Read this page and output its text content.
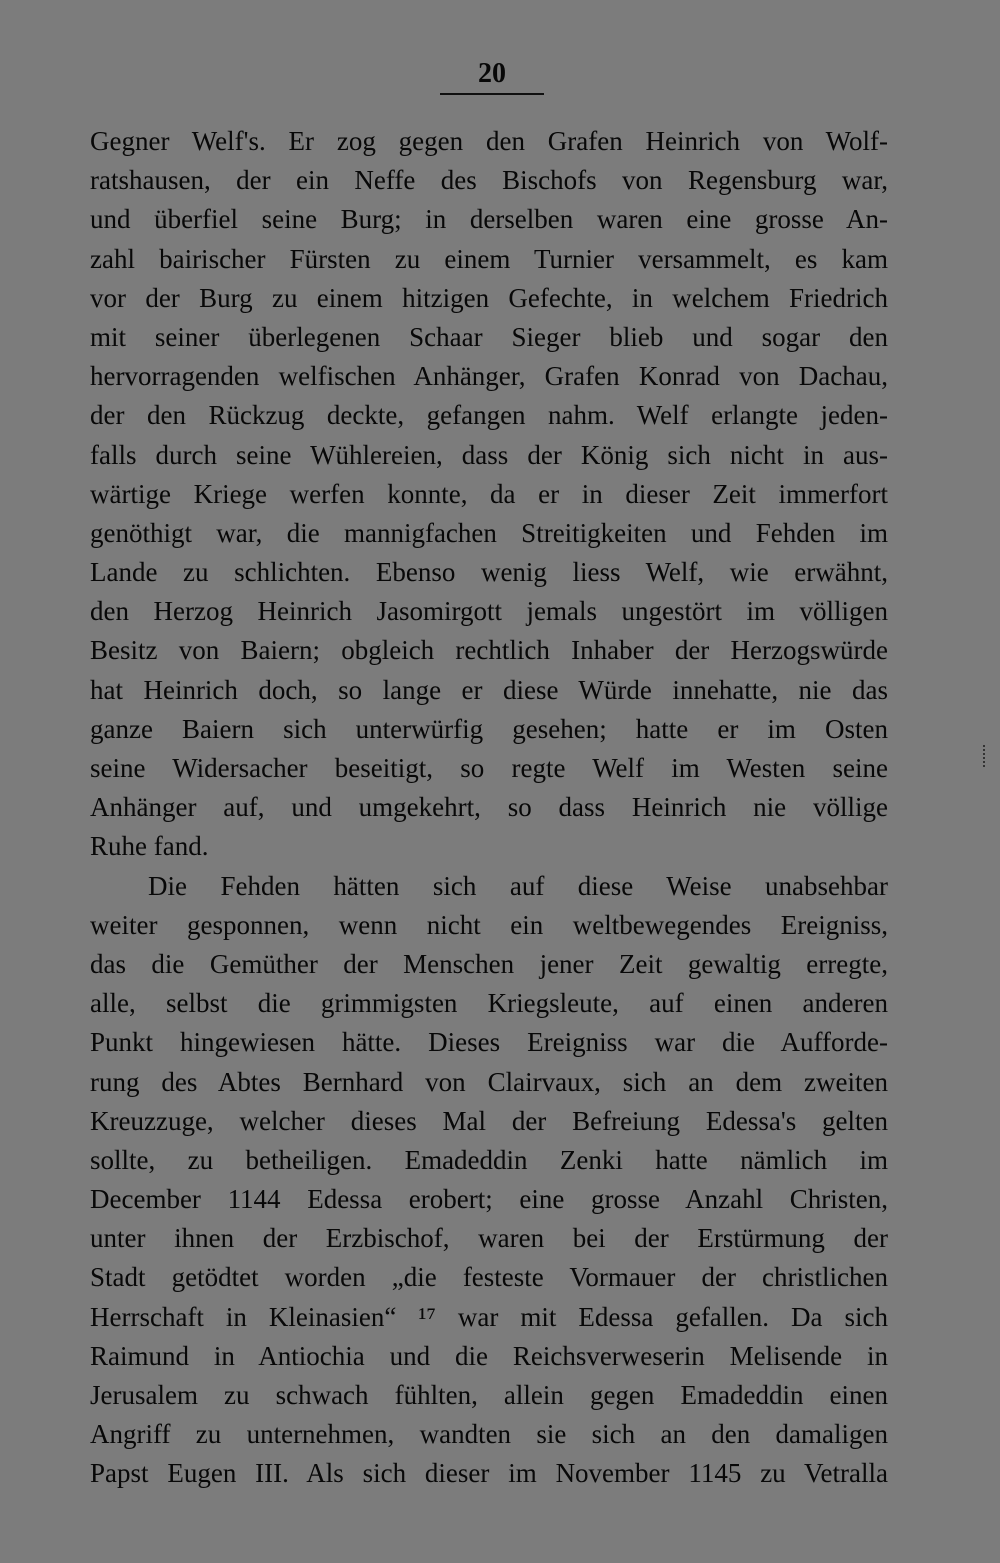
20
Gegner Welf's. Er zog gegen den Grafen Heinrich von Wolf-
ratshausen, der ein Neffe des Bischofs von Regensburg war,
und überfiel seine Burg; in derselben waren eine grosse An-
zahl bairischer Fürsten zu einem Turnier versammelt, es kam
vor der Burg zu einem hitzigen Gefechte, in welchem Friedrich
mit seiner überlegenen Schaar Sieger blieb und sogar den
hervorragenden welfischen Anhänger, Grafen Konrad von Dachau,
der den Rückzug deckte, gefangen nahm. Welf erlangte jeden-
falls durch seine Wühlereien, dass der König sich nicht in aus-
wärtige Kriege werfen konnte, da er in dieser Zeit immerfort
genöthigt war, die mannigfachen Streitigkeiten und Fehden im
Lande zu schlichten. Ebenso wenig liess Welf, wie erwähnt,
den Herzog Heinrich Jasomirgott jemals ungestört im völligen
Besitz von Baiern; obgleich rechtlich Inhaber der Herzogswürde
hat Heinrich doch, so lange er diese Würde innehatte, nie das
ganze Baiern sich unterwürfig gesehen; hatte er im Osten
seine Widersacher beseitigt, so regte Welf im Westen seine
Anhänger auf, und umgekehrt, so dass Heinrich nie völlige
Ruhe fand.
Die Fehden hätten sich auf diese Weise unabsehbar
weiter gesponnen, wenn nicht ein weltbewegendes Ereigniss,
das die Gemüther der Menschen jener Zeit gewaltig erregte,
alle, selbst die grimmigsten Kriegsleute, auf einen anderen
Punkt hingewiesen hätte. Dieses Ereigniss war die Aufforde-
rung des Abtes Bernhard von Clairvaux, sich an dem zweiten
Kreuzzuge, welcher dieses Mal der Befreiung Edessa's gelten
sollte, zu betheiligen. Emadeddin Zenki hatte nämlich im
December 1144 Edessa erobert; eine grosse Anzahl Christen,
unter ihnen der Erzbischof, waren bei der Erstürmung der
Stadt getödtet worden „die festeste Vormauer der christlichen
Herrschaft in Kleinasien“ ¹⁷ war mit Edessa gefallen. Da sich
Raimund in Antiochia und die Reichsverweserin Melisende in
Jerusalem zu schwach fühlten, allein gegen Emadeddin einen
Angriff zu unternehmen, wandten sie sich an den damaligen
Papst Eugen III. Als sich dieser im November 1145 zu Vetralla
